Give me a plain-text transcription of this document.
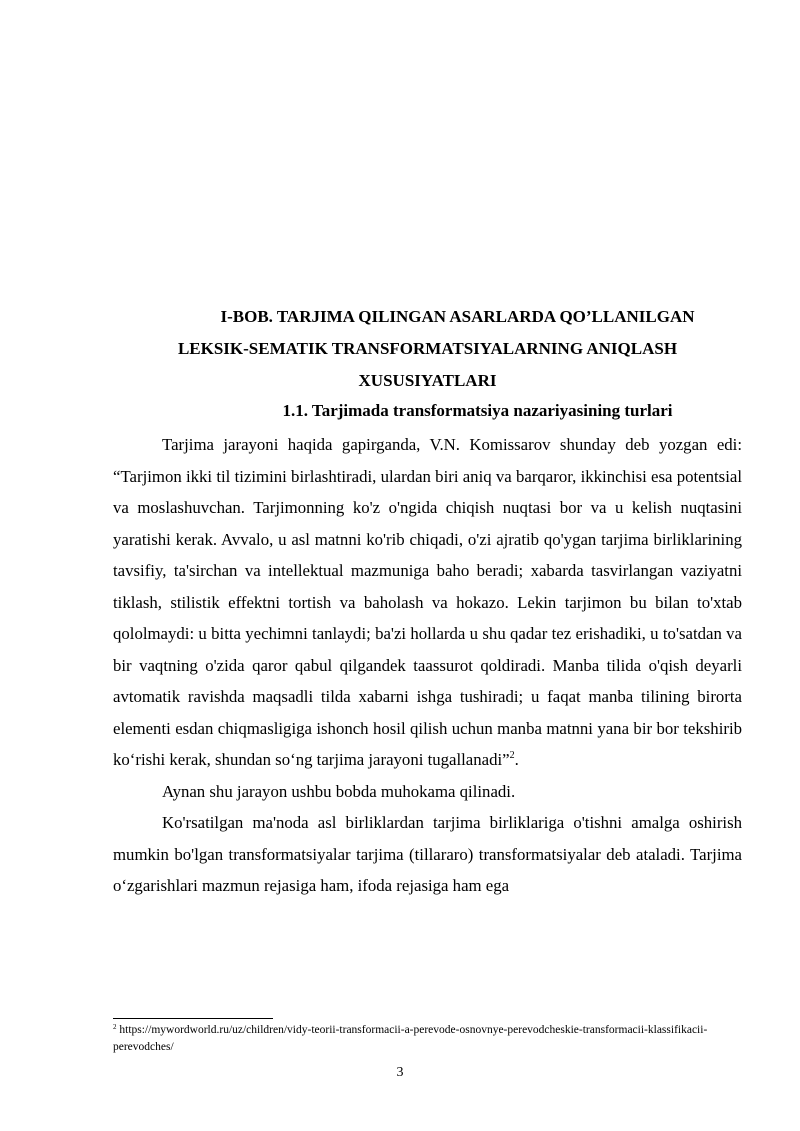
I-BOB. TARJIMA QILINGAN ASARLARDA QO’LLANILGAN
LEKSIK-SEMATIK TRANSFORMATSIYALARNING ANIQLASH
XUSUSIYATLARI
1.1. Tarjimada transformatsiya nazariyasining turlari

Tarjima jarayoni haqida gapirganda, V.N. Komissarov shunday deb yozgan edi: “Tarjimon ikki til tizimini birlashtiradi, ulardan biri aniq va barqaror, ikkinchisi esa potentsial va moslashuvchan. Tarjimonning ko'z o'ngida chiqish nuqtasi bor va u kelish nuqtasini yaratishi kerak. Avvalo, u asl matnni ko'rib chiqadi, o'zi ajratib qo'ygan tarjima birliklarining tavsifiy, ta'sirchan va intellektual mazmuniga baho beradi; xabarda tasvirlangan vaziyatni tiklash, stilistik effektni tortish va baholash va hokazo. Lekin tarjimon bu bilan to'xtab qololmaydi: u bitta yechimni tanlaydi; ba'zi hollarda u shu qadar tez erishadiki, u to'satdan va bir vaqtning o'zida qaror qabul qilgandek taassurot qoldiradi. Manba tilida o'qish deyarli avtomatik ravishda maqsadli tilda xabarni ishga tushiradi; u faqat manba tilining birorta elementi esdan chiqmasligiga ishonch hosil qilish uchun manba matnni yana bir bor tekshirib ko‘rishi kerak, shundan so‘ng tarjima jarayoni tugallanadi”$^2$.

Aynan shu jarayon ushbu bobda muhokama qilinadi.

Ko'rsatilgan ma'noda asl birliklardan tarjima birliklariga o'tishni amalga oshirish mumkin bo'lgan transformatsiyalar tarjima (tillararo) transformatsiyalar deb ataladi. Tarjima o‘zgarishlari mazmun rejasiga ham, ifoda rejasiga ham ega

$^2$ https://mywordworld.ru/uz/children/vidy-teorii-transformacii-a-perevode-osnovnye-perevodcheskie-transformacii-klassifikacii-perevodches/
3
